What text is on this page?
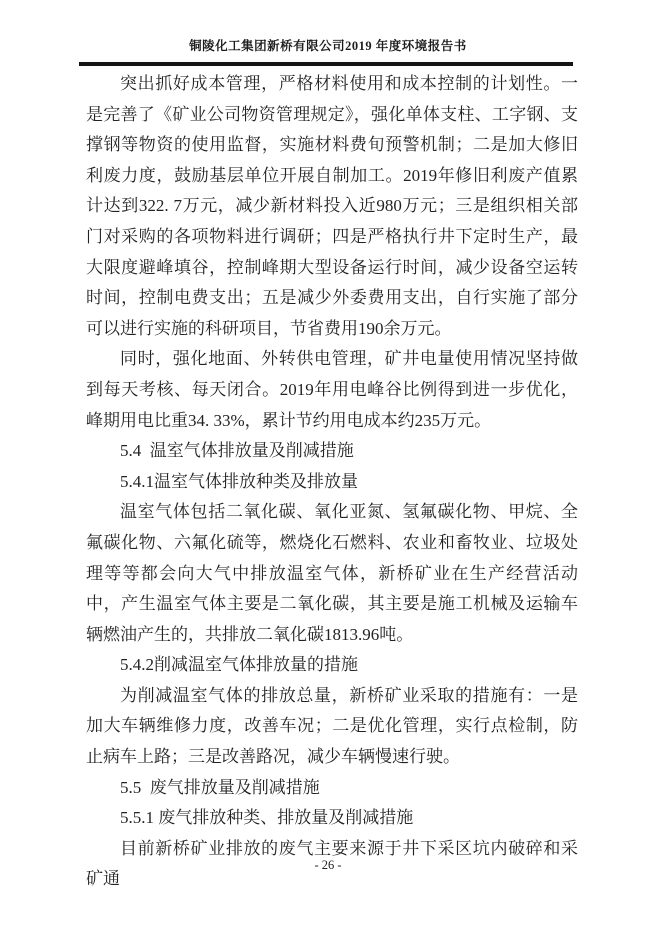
铜陵化工集团新桥有限公司2019 年度环境报告书

突出抓好成本管理，严格材料使用和成本控制的计划性。一是完善了《矿业公司物资管理规定》，强化单体支柱、工字钢、支撑钢等物资的使用监督，实施材料费旬预警机制；二是加大修旧利废力度，鼓励基层单位开展自制加工。2019年修旧利废产值累计达到322. 7万元，减少新材料投入近980万元；三是组织相关部门对采购的各项物料进行调研；四是严格执行井下定时生产，最大限度避峰填谷，控制峰期大型设备运行时间，减少设备空运转时间，控制电费支出；五是减少外委费用支出，自行实施了部分可以进行实施的科研项目，节省费用190余万元。

同时，强化地面、外转供电管理，矿井电量使用情况坚持做到每天考核、每天闭合。2019年用电峰谷比例得到进一步优化，峰期用电比重34. 33%，累计节约用电成本约235万元。

5.4  温室气体排放量及削减措施

5.4.1温室气体排放种类及排放量

温室气体包括二氧化碳、氧化亚氮、氢氟碳化物、甲烷、全氟碳化物、六氟化硫等，燃烧化石燃料、农业和畜牧业、垃圾处理等等都会向大气中排放温室气体，新桥矿业在生产经营活动中，产生温室气体主要是二氧化碳，其主要是施工机械及运输车辆燃油产生的，共排放二氧化碳1813.96吨。

5.4.2削减温室气体排放量的措施

为削减温室气体的排放总量，新桥矿业采取的措施有：一是加大车辆维修力度，改善车况；二是优化管理，实行点检制，防止病车上路；三是改善路况，减少车辆慢速行驶。

5.5  废气排放量及削减措施

5.5.1 废气排放种类、排放量及削减措施

目前新桥矿业排放的废气主要来源于井下采区坑内破碎和采矿通

- 26 -
